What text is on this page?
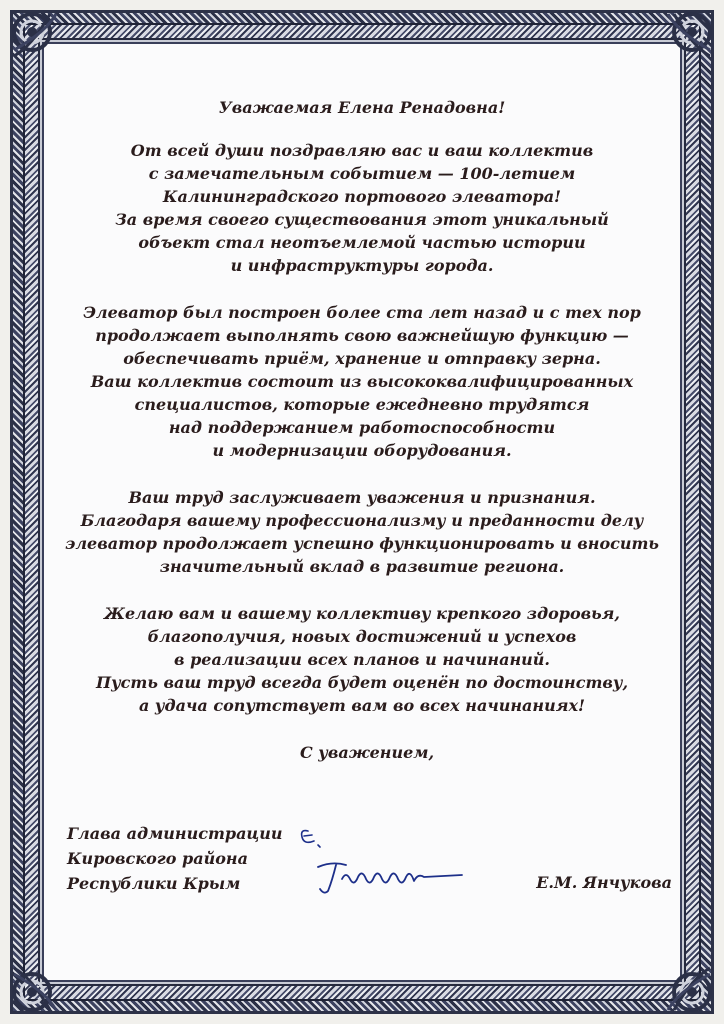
Уважаемая Елена Ренадовна!

От всей души поздравляю вас и ваш коллектив
с замечательным событием — 100-летием
Калининградского портового элеватора!
За время своего существования этот уникальный
объект стал неотъемлемой частью истории
и инфраструктуры города.

Элеватор был построен более ста лет назад и с тех пор
продолжает выполнять свою важнейшую функцию —
обеспечивать приём, хранение и отправку зерна.
Ваш коллектив состоит из высококвалифицированных
специалистов, которые ежедневно трудятся
над поддержанием работоспособности
и модернизации оборудования.

Ваш труд заслуживает уважения и признания.
Благодаря вашему профессионализму и преданности делу
элеватор продолжает успешно функционировать и вносить
значительный вклад в развитие региона.

Желаю вам и вашему коллективу крепкого здоровья,
благополучия, новых достижений и успехов
в реализации всех планов и начинаний.
Пусть ваш труд всегда будет оценён по достоинству,
а удача сопутствует вам во всех начинаниях!

С уважением,

Глава администрации
Кировского района
Республики Крым	Е.М. Янчукова
